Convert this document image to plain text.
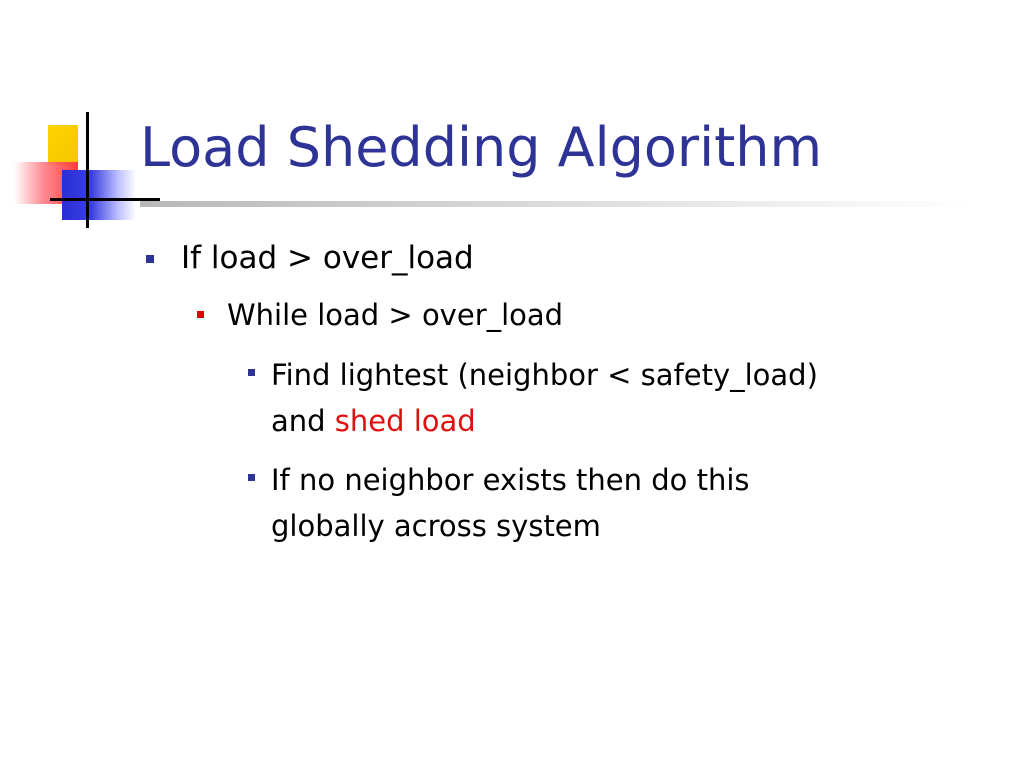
Load Shedding Algorithm
If load > over_load
While load > over_load
Find lightest (neighbor < safety_load)
and shed load
If no neighbor exists then do this
globally across system
